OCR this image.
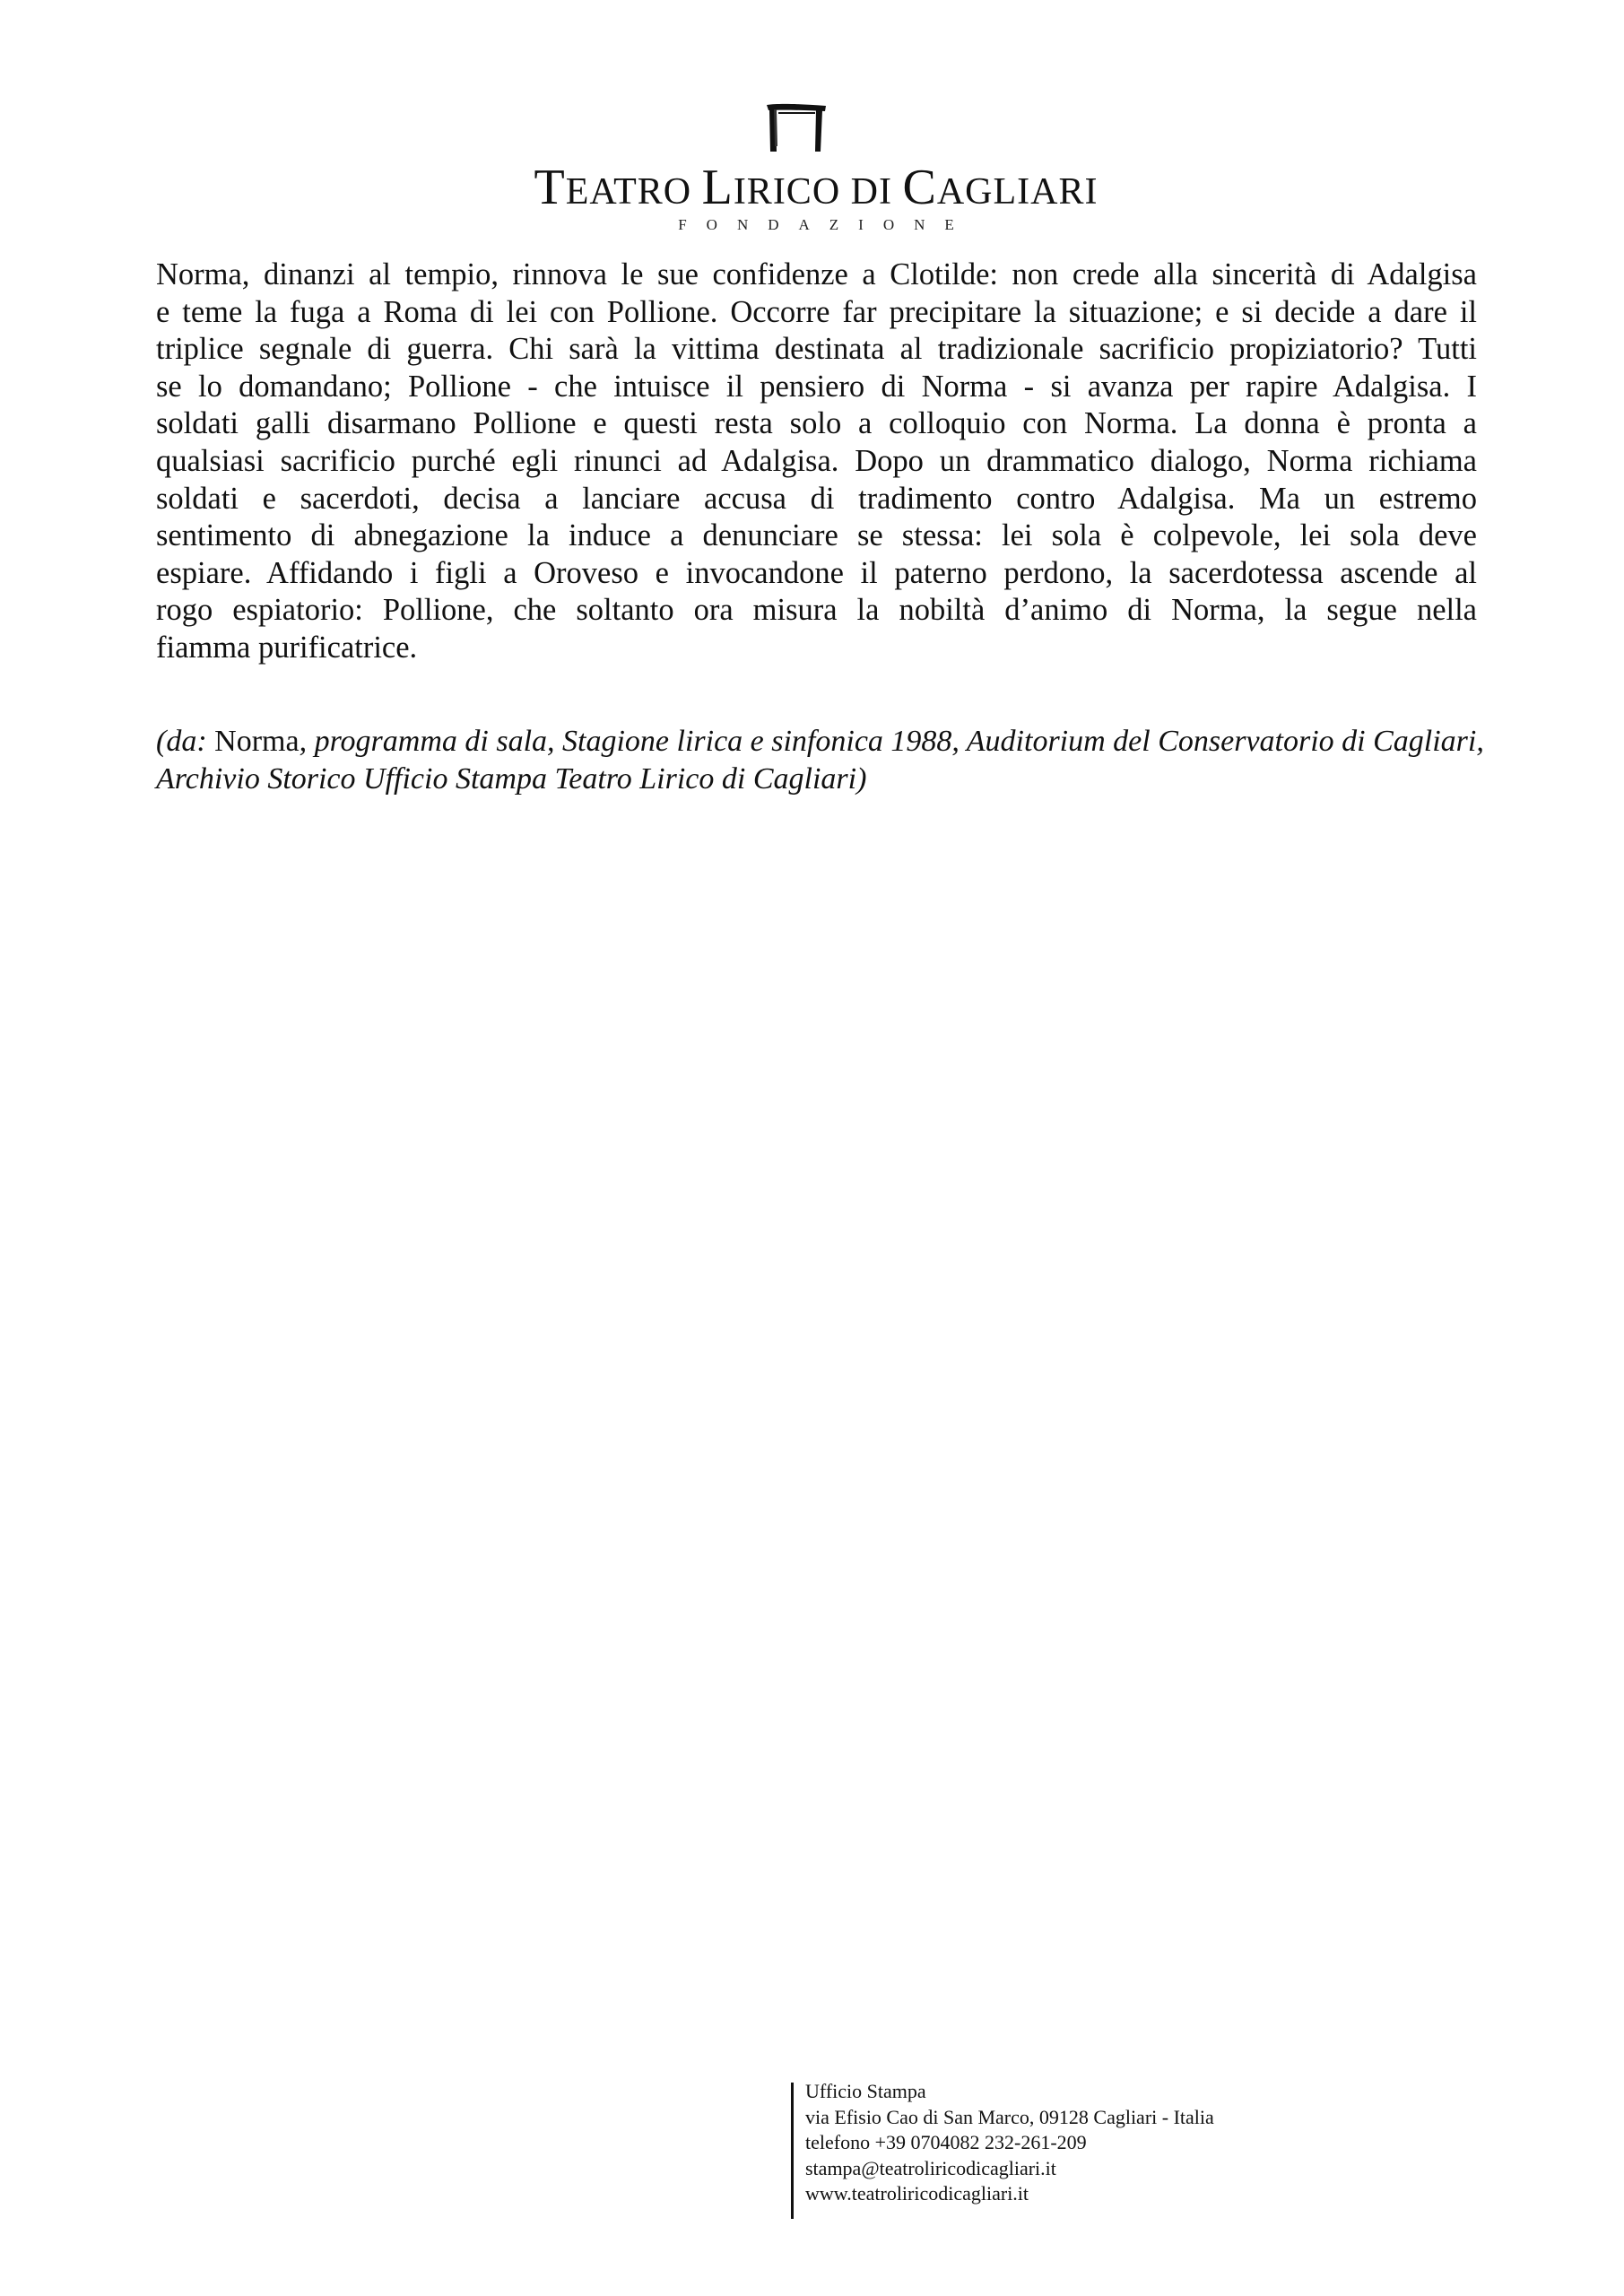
TEATRO LIRICO DI CAGLIARI
FONDAZIONE
Norma, dinanzi al tempio, rinnova le sue confidenze a Clotilde: non crede alla sincerità di Adalgisa
e teme la fuga a Roma di lei con Pollione. Occorre far precipitare la situazione; e si decide a dare il
triplice segnale di guerra. Chi sarà la vittima destinata al tradizionale sacrificio propiziatorio? Tutti
se lo domandano; Pollione - che intuisce il pensiero di Norma - si avanza per rapire Adalgisa. I
soldati galli disarmano Pollione e questi resta solo a colloquio con Norma. La donna è pronta a
qualsiasi sacrificio purché egli rinunci ad Adalgisa. Dopo un drammatico dialogo, Norma richiama
soldati e sacerdoti, decisa a lanciare accusa di tradimento contro Adalgisa. Ma un estremo
sentimento di abnegazione la induce a denunciare se stessa: lei sola è colpevole, lei sola deve
espiare. Affidando i figli a Oroveso e invocandone il paterno perdono, la sacerdotessa ascende al
rogo espiatorio: Pollione, che soltanto ora misura la nobiltà d’animo di Norma, la segue nella
fiamma purificatrice.
(da: Norma, programma di sala, Stagione lirica e sinfonica 1988, Auditorium del Conservatorio di Cagliari,
Archivio Storico Ufficio Stampa Teatro Lirico di Cagliari)
Ufficio Stampa
via Efisio Cao di San Marco, 09128 Cagliari - Italia
telefono +39 0704082 232-261-209
stampa@teatroliricodicagliari.it
www.teatroliricodicagliari.it
